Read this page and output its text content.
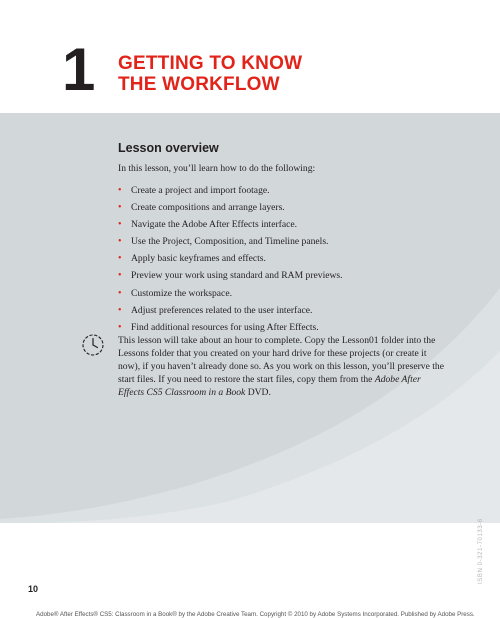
1 GETTING TO KNOW
THE WORKFLOW
Lesson overview
In this lesson, you’ll learn how to do the following:
• Create a project and import footage.
• Create compositions and arrange layers.
• Navigate the Adobe After Effects interface.
• Use the Project, Composition, and Timeline panels.
• Apply basic keyframes and effects.
• Preview your work using standard and RAM previews.
• Customize the workspace.
• Adjust preferences related to the user interface.
• Find additional resources for using After Effects.
This lesson will take about an hour to complete. Copy the Lesson01 folder into the Lessons folder that you created on your hard drive for these projects (or create it now), if you haven’t already done so. As you work on this lesson, you’ll preserve the start files. If you need to restore the start files, copy them from the Adobe After Effects CS5 Classroom in a Book DVD.
10
ISBN 0-321-70133-6
Adobe® After Effects® CS5: Classroom in a Book® by the Adobe Creative Team. Copyright © 2010 by Adobe Systems Incorporated. Published by Adobe Press.
